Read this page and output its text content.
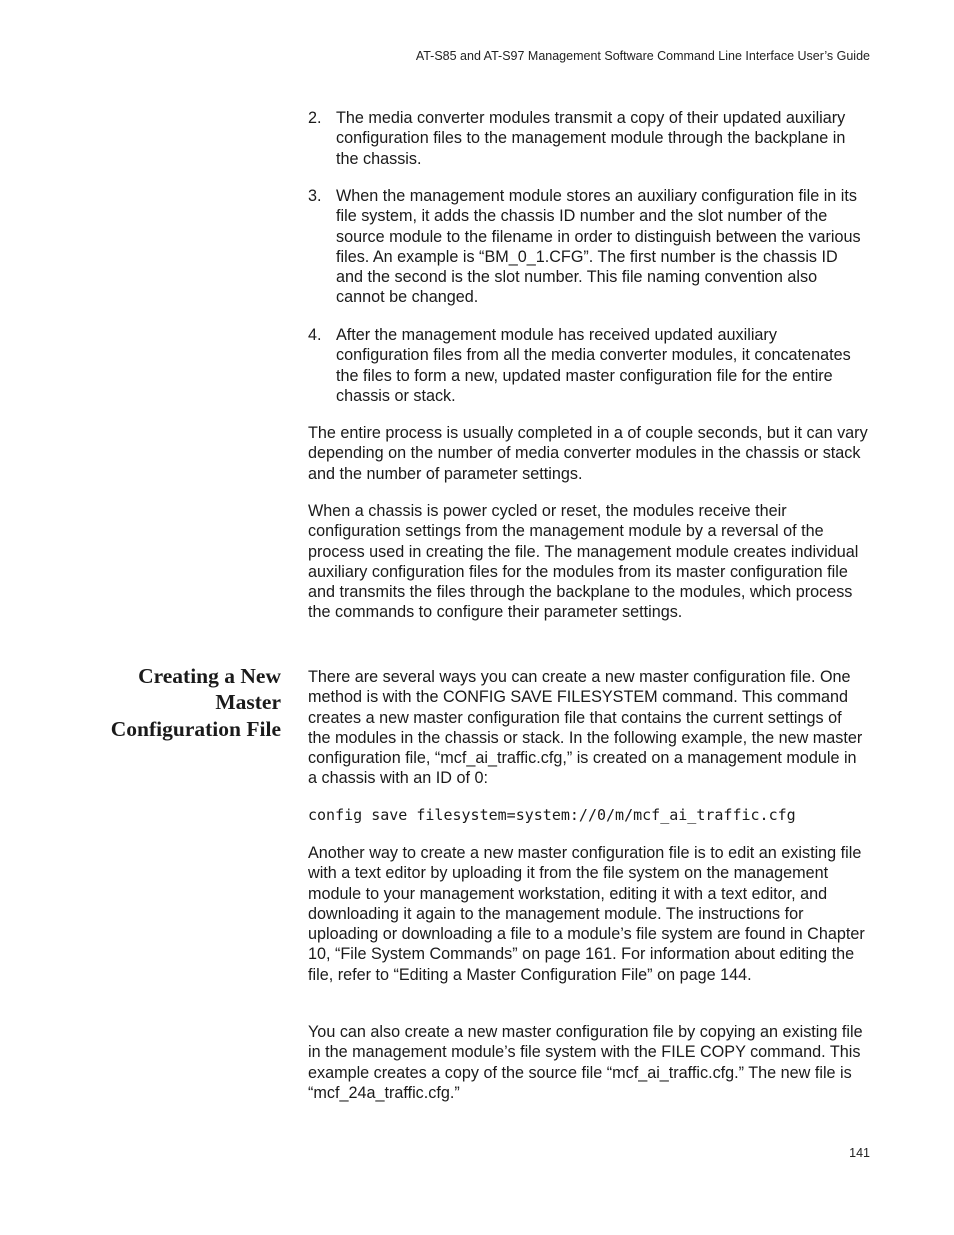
AT-S85 and AT-S97 Management Software Command Line Interface User’s Guide
2. The media converter modules transmit a copy of their updated auxiliary configuration files to the management module through the backplane in the chassis.
3. When the management module stores an auxiliary configuration file in its file system, it adds the chassis ID number and the slot number of the source module to the filename in order to distinguish between the various files. An example is “BM_0_1.CFG”. The first number is the chassis ID and the second is the slot number. This file naming convention also cannot be changed.
4. After the management module has received updated auxiliary configuration files from all the media converter modules, it concatenates the files to form a new, updated master configuration file for the entire chassis or stack.

The entire process is usually completed in a of couple seconds, but it can vary depending on the number of media converter modules in the chassis or stack and the number of parameter settings.

When a chassis is power cycled or reset, the modules receive their configuration settings from the management module by a reversal of the process used in creating the file. The management module creates individual auxiliary configuration files for the modules from its master configuration file and transmits the files through the backplane to the modules, which process the commands to configure their parameter settings.

Creating a New Master Configuration File

There are several ways you can create a new master configuration file. One method is with the CONFIG SAVE FILESYSTEM command. This command creates a new master configuration file that contains the current settings of the modules in the chassis or stack. In the following example, the new master configuration file, “mcf_ai_traffic.cfg,” is created on a management module in a chassis with an ID of 0:

config save filesystem=system://0/m/mcf_ai_traffic.cfg

Another way to create a new master configuration file is to edit an existing file with a text editor by uploading it from the file system on the management module to your management workstation, editing it with a text editor, and downloading it again to the management module. The instructions for uploading or downloading a file to a module’s file system are found in Chapter 10, “File System Commands” on page 161. For information about editing the file, refer to “Editing a Master Configuration File” on page 144.

You can also create a new master configuration file by copying an existing file in the management module’s file system with the FILE COPY command. This example creates a copy of the source file “mcf_ai_traffic.cfg.” The new file is “mcf_24a_traffic.cfg.”

141
